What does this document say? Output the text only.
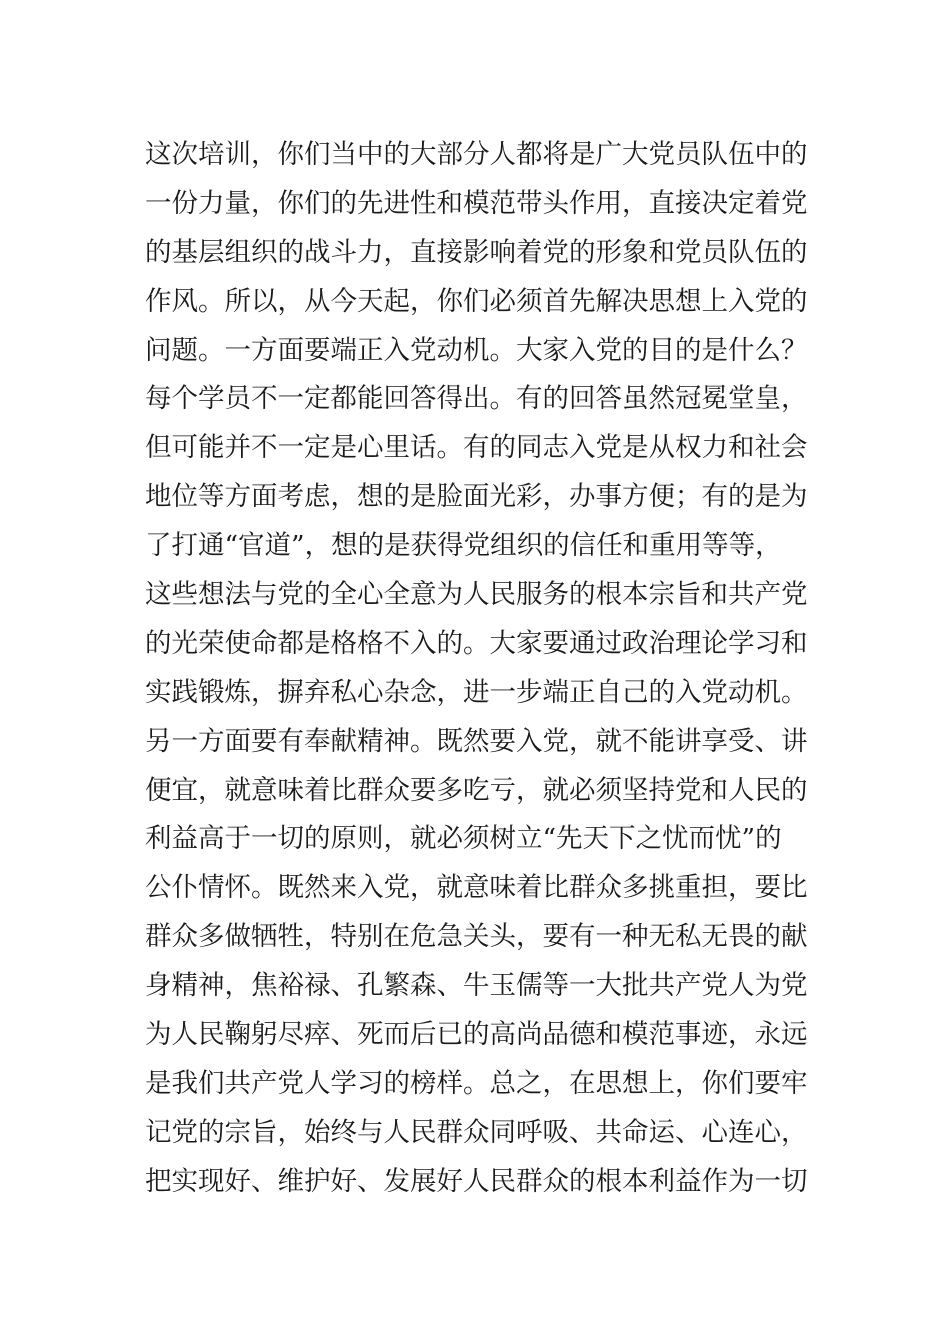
这次培训，你们当中的大部分人都将是广大党员队伍中的
一份力量，你们的先进性和模范带头作用，直接决定着党
的基层组织的战斗力，直接影响着党的形象和党员队伍的
作风。所以，从今天起，你们必须首先解决思想上入党的
问题。一方面要端正入党动机。大家入党的目的是什么？
每个学员不一定都能回答得出。有的回答虽然冠冕堂皇，
但可能并不一定是心里话。有的同志入党是从权力和社会
地位等方面考虑，想的是脸面光彩，办事方便；有的是为
了打通“官道”，想的是获得党组织的信任和重用等等，
这些想法与党的全心全意为人民服务的根本宗旨和共产党
的光荣使命都是格格不入的。大家要通过政治理论学习和
实践锻炼，摒弃私心杂念，进一步端正自己的入党动机。
另一方面要有奉献精神。既然要入党，就不能讲享受、讲
便宜，就意味着比群众要多吃亏，就必须坚持党和人民的
利益高于一切的原则，就必须树立“先天下之忧而忧”的
公仆情怀。既然来入党，就意味着比群众多挑重担，要比
群众多做牺牲，特别在危急关头，要有一种无私无畏的献
身精神，焦裕禄、孔繁森、牛玉儒等一大批共产党人为党
为人民鞠躬尽瘁、死而后已的高尚品德和模范事迹，永远
是我们共产党人学习的榜样。总之，在思想上，你们要牢
记党的宗旨，始终与人民群众同呼吸、共命运、心连心，
把实现好、维护好、发展好人民群众的根本利益作为一切
